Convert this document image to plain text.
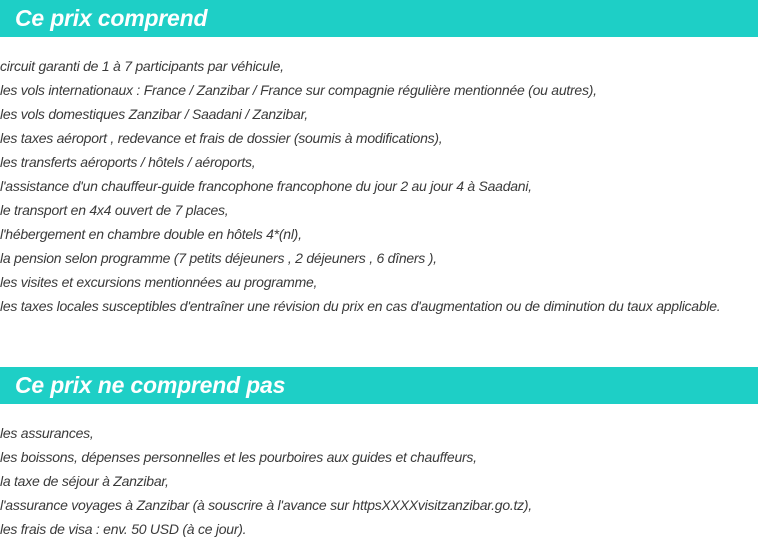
Ce prix comprend
circuit garanti de 1 à 7 participants par véhicule,
les vols internationaux : France / Zanzibar / France sur compagnie régulière mentionnée (ou autres),
les vols domestiques Zanzibar / Saadani / Zanzibar,
les taxes aéroport , redevance et frais de dossier (soumis à modifications),
les transferts aéroports / hôtels / aéroports,
l'assistance d'un chauffeur-guide francophone francophone du jour 2 au jour 4 à Saadani,
le transport en 4x4 ouvert de 7 places,
l'hébergement en chambre double en hôtels 4*(nl),
la pension selon programme (7 petits déjeuners , 2 déjeuners , 6 dîners ),
les visites et excursions mentionnées au programme,
les taxes locales susceptibles d'entraîner une révision du prix en cas d'augmentation ou de diminution du taux applicable.
Ce prix ne comprend pas
les assurances,
les boissons, dépenses personnelles et les pourboires aux guides et chauffeurs,
la taxe de séjour à Zanzibar,
l'assurance voyages à Zanzibar (à souscrire à l'avance sur httpsXXXXvisitzanzibar.go.tz),
les frais de visa : env. 50 USD (à ce jour).
